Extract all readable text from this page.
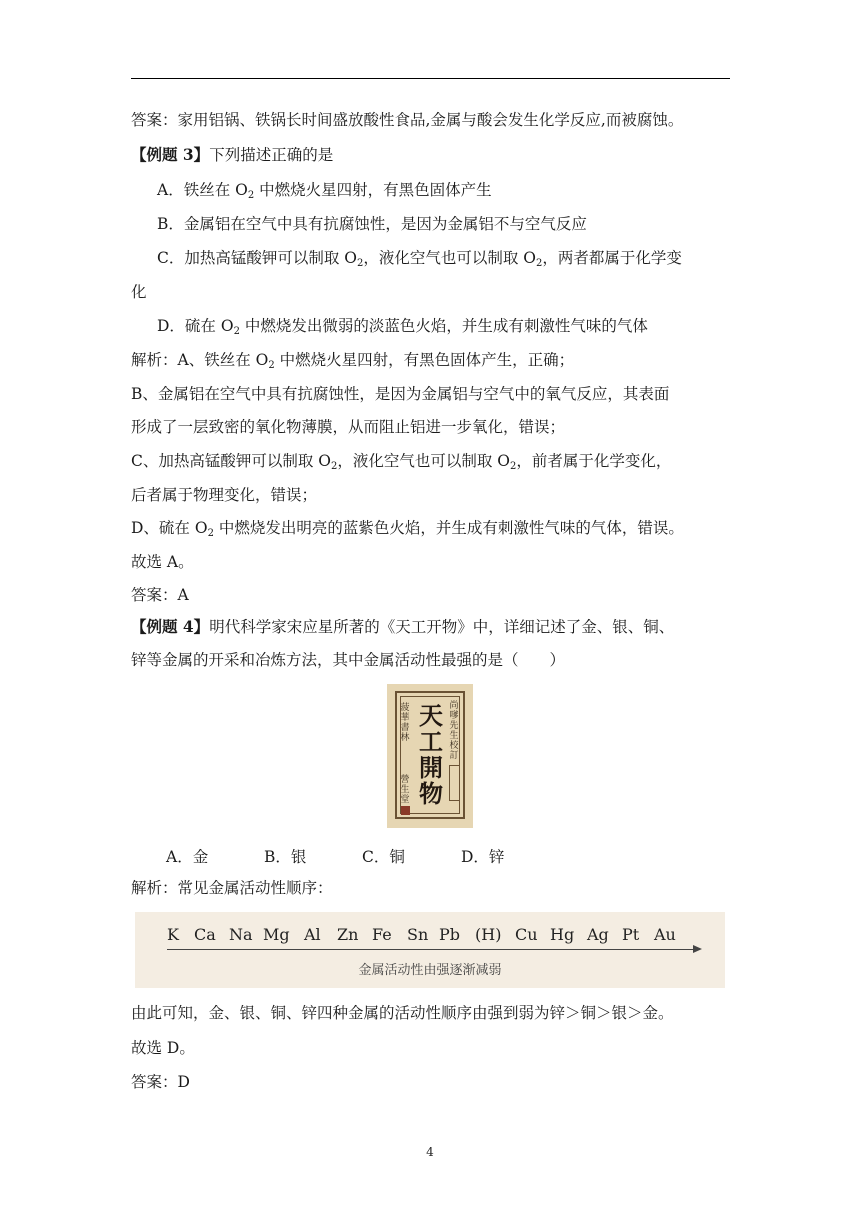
答案：家用铝锅、铁锅长时间盛放酸性食品,金属与酸会发生化学反应,而被腐蚀。
【例题 3】下列描述正确的是
A．铁丝在 $O_2$ 中燃烧火星四射，有黑色固体产生
B．金属铝在空气中具有抗腐蚀性，是因为金属铝不与空气反应
C．加热高锰酸钾可以制取 $O_2$，液化空气也可以制取 $O_2$，两者都属于化学变
化
D．硫在 $O_2$ 中燃烧发出微弱的淡蓝色火焰，并生成有刺激性气味的气体
解析：A、铁丝在 $O_2$ 中燃烧火星四射，有黑色固体产生，正确；
B、金属铝在空气中具有抗腐蚀性，是因为金属铝与空气中的氧气反应，其表面
形成了一层致密的氧化物薄膜，从而阻止铝进一步氧化，错误；
C、加热高锰酸钾可以制取 $O_2$，液化空气也可以制取 $O_2$，前者属于化学变化，
后者属于物理变化，错误；
D、硫在 $O_2$ 中燃烧发出明亮的蓝紫色火焰，并生成有刺激性气味的气体，错误。
故选 A。
答案：A
【例题 4】明代科学家宋应星所著的《天工开物》中，详细记述了金、银、铜、
锌等金属的开采和冶炼方法，其中金属活动性最强的是（　　）
天
工
開
物
尚嗲先生校訂
菠華書林
營生堂
A．金	B．银	C．铜	D．锌
解析：常见金属活动性顺序：
K Ca Na Mg Al Zn Fe Sn Pb (H) Cu Hg Ag Pt Au
金属活动性由强逐渐减弱
由此可知，金、银、铜、锌四种金属的活动性顺序由强到弱为锌＞铜＞银＞金。
故选 D。
答案：D
4
